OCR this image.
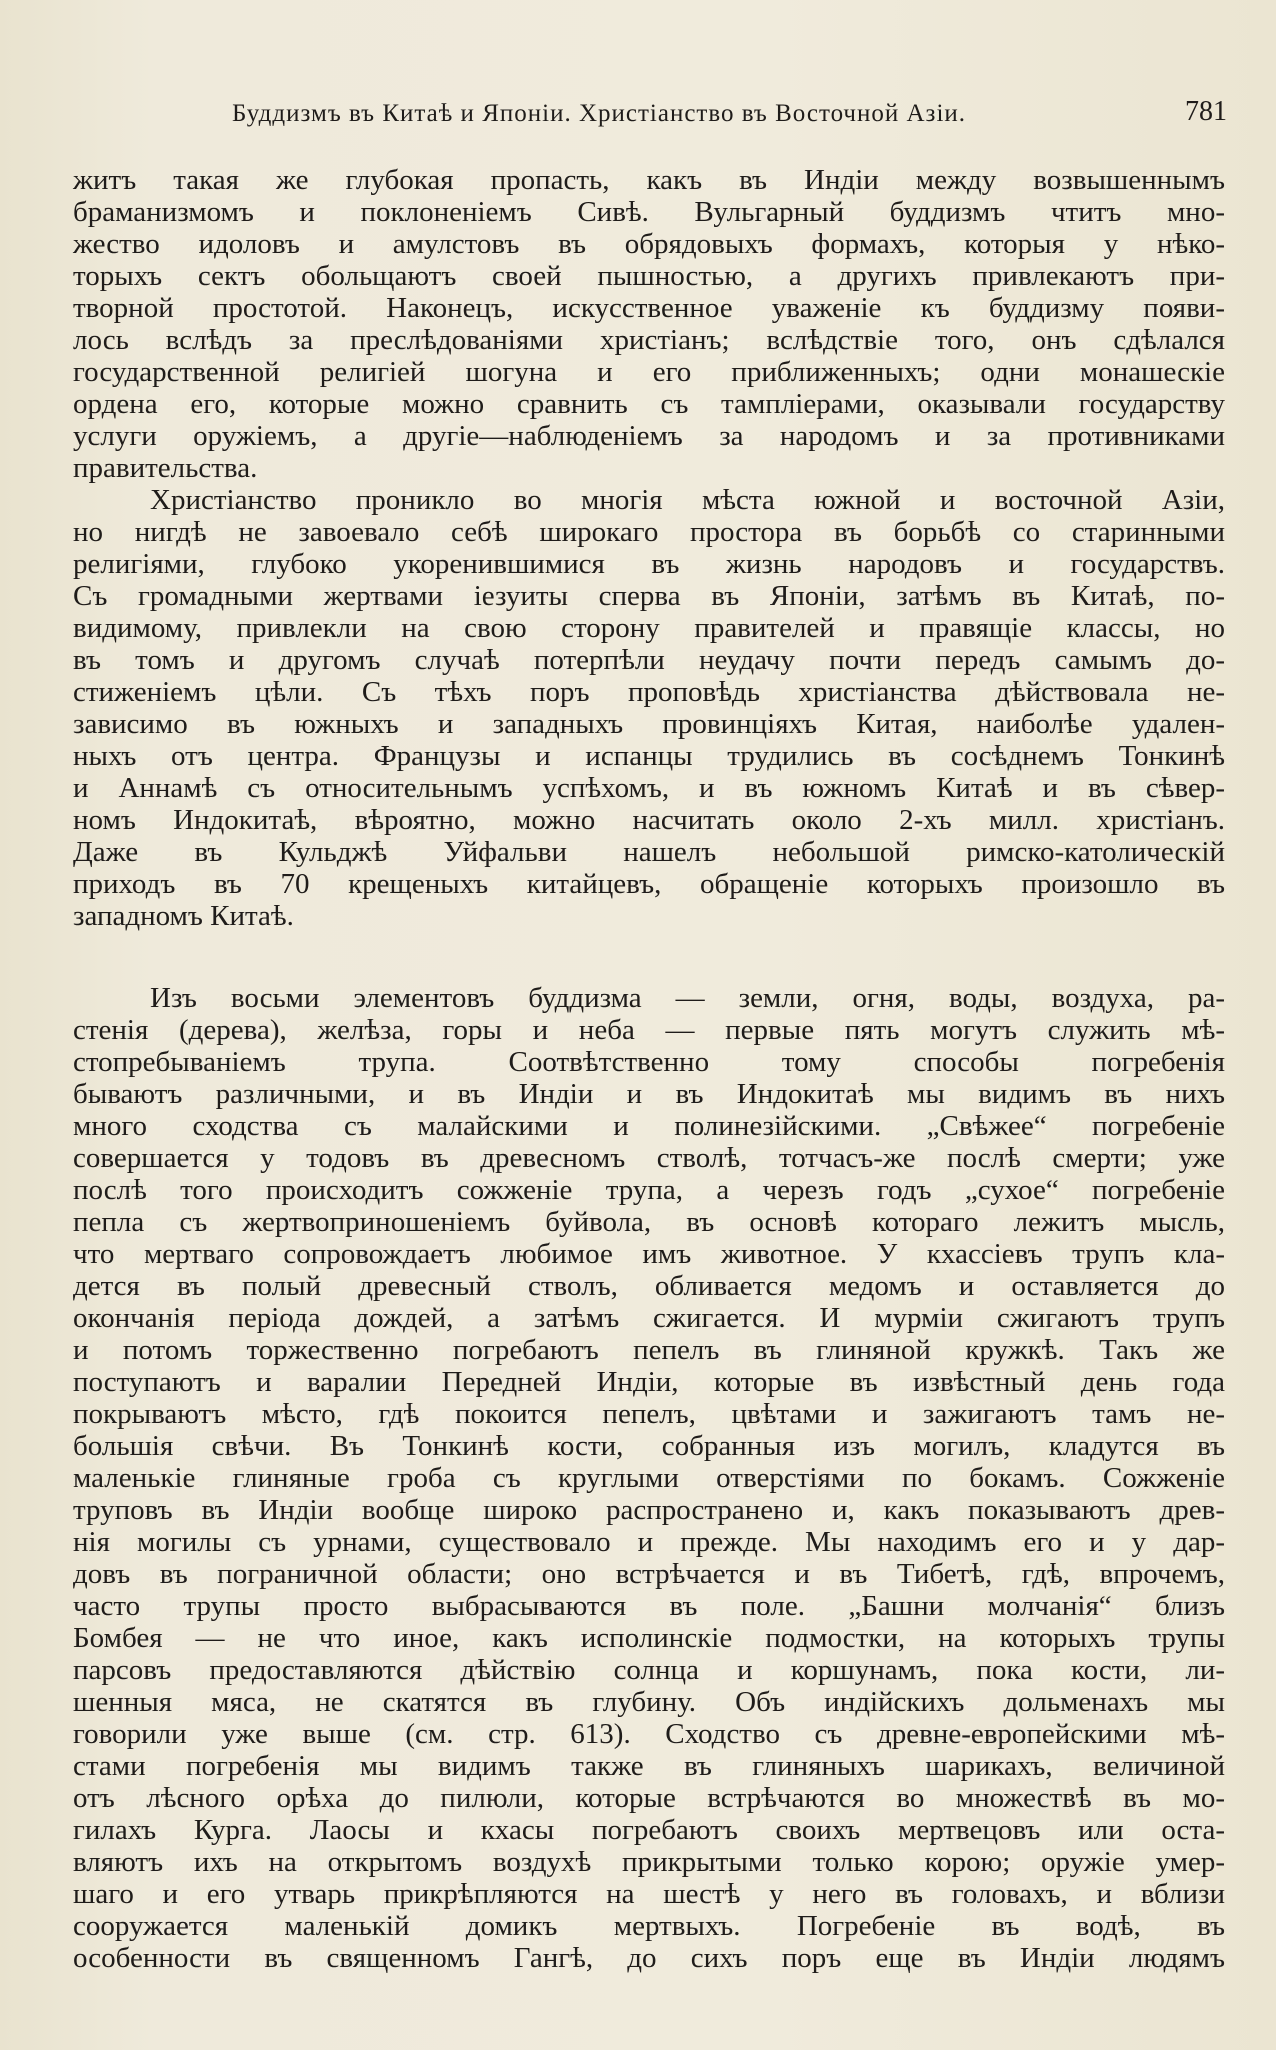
Буддизмъ въ Китаѣ и Японіи. Христіанство въ Восточной Азіи.	781

житъ такая же глубокая пропасть, какъ въ Индіи между возвышеннымъ
браманизмомъ и поклоненіемъ Сивѣ. Вульгарный буддизмъ чтитъ мно-
жество идоловъ и амулстовъ въ обрядовыхъ формахъ, которыя у нѣко-
торыхъ сектъ обольщаютъ своей пышностью, а другихъ привлекаютъ при-
творной простотой. Наконецъ, искусственное уваженіе къ буддизму появи-
лось вслѣдъ за преслѣдованіями христіанъ; вслѣдствіе того, онъ сдѣлался
государственной религіей шогуна и его приближенныхъ; одни монашескіе
ордена его, которые можно сравнить съ тампліерами, оказывали государству
услуги оружіемъ, а другіе—наблюденіемъ за народомъ и за противниками
правительства.

Христіанство проникло во многія мѣста южной и восточной Азіи,
но нигдѣ не завоевало себѣ широкаго простора въ борьбѣ со старинными
религіями, глубоко укоренившимися въ жизнь народовъ и государствъ.
Съ громадными жертвами іезуиты сперва въ Японіи, затѣмъ въ Китаѣ, по-
видимому, привлекли на свою сторону правителей и правящіе классы, но
въ томъ и другомъ случаѣ потерпѣли неудачу почти передъ самымъ до-
стиженіемъ цѣли. Съ тѣхъ поръ проповѣдь христіанства дѣйствовала не-
зависимо въ южныхъ и западныхъ провинціяхъ Китая, наиболѣе удален-
ныхъ отъ центра. Французы и испанцы трудились въ сосѣднемъ Тонкинѣ
и Аннамѣ съ относительнымъ успѣхомъ, и въ южномъ Китаѣ и въ сѣвер-
номъ Индокитаѣ, вѣроятно, можно насчитать около 2-хъ милл. христіанъ.
Даже въ Кульджѣ Уйфальви нашелъ небольшой римско-католическій
приходъ въ 70 крещеныхъ китайцевъ, обращеніе которыхъ произошло въ
западномъ Китаѣ.

Изъ восьми элементовъ буддизма — земли, огня, воды, воздуха, ра-
стенія (дерева), желѣза, горы и неба — первые пять могутъ служить мѣ-
стопребываніемъ трупа. Соотвѣтственно тому способы погребенія
бываютъ различными, и въ Индіи и въ Индокитаѣ мы видимъ въ нихъ
много сходства съ малайскими и полинезійскими. „Свѣжее“ погребеніе
совершается у тодовъ въ древесномъ стволѣ, тотчасъ-же послѣ смерти; уже
послѣ того происходитъ сожженіе трупа, а черезъ годъ „сухое“ погребеніе
пепла съ жертвоприношеніемъ буйвола, въ основѣ котораго лежитъ мысль,
что мертваго сопровождаетъ любимое имъ животное. У кхассіевъ трупъ кла-
дется въ полый древесный стволъ, обливается медомъ и оставляется до
окончанія періода дождей, а затѣмъ сжигается. И мурміи сжигаютъ трупъ
и потомъ торжественно погребаютъ пепелъ въ глиняной кружкѣ. Такъ же
поступаютъ и варалии Передней Индіи, которые въ извѣстный день года
покрываютъ мѣсто, гдѣ покоится пепелъ, цвѣтами и зажигаютъ тамъ не-
большія свѣчи. Въ Тонкинѣ кости, собранныя изъ могилъ, кладутся въ
маленькіе глиняные гроба съ круглыми отверстіями по бокамъ. Сожженіе
труповъ въ Индіи вообще широко распространено и, какъ показываютъ древ-
нія могилы съ урнами, существовало и прежде. Мы находимъ его и у дар-
довъ въ пограничной области; оно встрѣчается и въ Тибетѣ, гдѣ, впрочемъ,
часто трупы просто выбрасываются въ поле. „Башни молчанія“ близъ
Бомбея — не что иное, какъ исполинскіе подмостки, на которыхъ трупы
парсовъ предоставляются дѣйствію солнца и коршунамъ, пока кости, ли-
шенныя мяса, не скатятся въ глубину. Объ индійскихъ дольменахъ мы
говорили уже выше (см. стр. 613). Сходство съ древне-европейскими мѣ-
стами погребенія мы видимъ также въ глиняныхъ шарикахъ, величиной
отъ лѣсного орѣха до пилюли, которые встрѣчаются во множествѣ въ мо-
гилахъ Курга. Лаосы и кхасы погребаютъ своихъ мертвецовъ или оста-
вляютъ ихъ на открытомъ воздухѣ прикрытыми только корою; оружіе умер-
шаго и его утварь прикрѣпляются на шестѣ у него въ головахъ, и вблизи
сооружается маленькій домикъ мертвыхъ. Погребеніе въ водѣ, въ
особенности въ священномъ Гангѣ, до сихъ поръ еще въ Индіи людямъ
